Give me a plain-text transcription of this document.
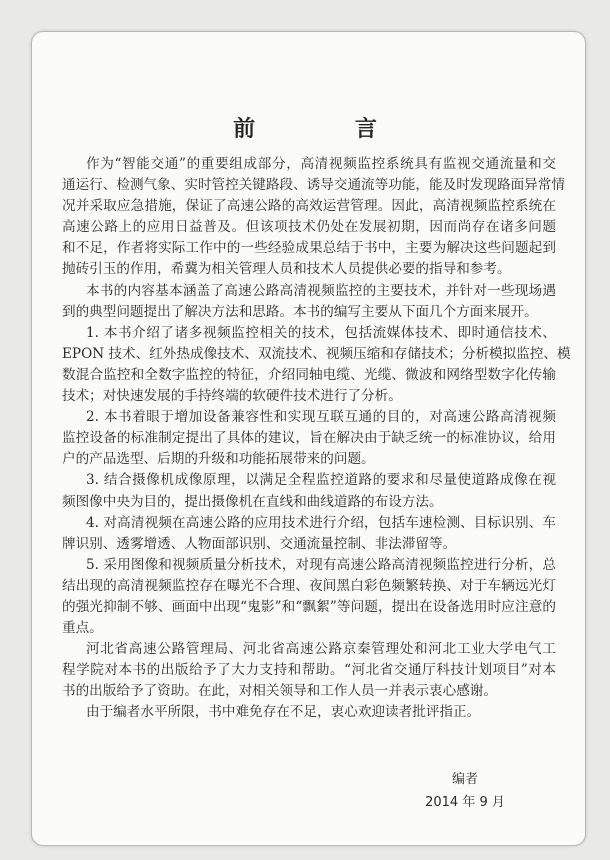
前 言
作为“智能交通”的重要组成部分，高清视频监控系统具有监视交通流量和交
通运行、检测气象、实时管控关键路段、诱导交通流等功能，能及时发现路面异常情
况并采取应急措施，保证了高速公路的高效运营管理。因此，高清视频监控系统在
高速公路上的应用日益普及。但该项技术仍处在发展初期，因而尚存在诸多问题
和不足，作者将实际工作中的一些经验成果总结于书中，主要为解决这些问题起到
抛砖引玉的作用，希冀为相关管理人员和技术人员提供必要的指导和参考。
本书的内容基本涵盖了高速公路高清视频监控的主要技术，并针对一些现场遇
到的典型问题提出了解决方法和思路。本书的编写主要从下面几个方面来展开。
1. 本书介绍了诸多视频监控相关的技术，包括流媒体技术、即时通信技术、
EPON 技术、红外热成像技术、双流技术、视频压缩和存储技术；分析模拟监控、模
数混合监控和全数字监控的特征，介绍同轴电缆、光缆、微波和网络型数字化传输
技术；对快速发展的手持终端的软硬件技术进行了分析。
2. 本书着眼于增加设备兼容性和实现互联互通的目的，对高速公路高清视频
监控设备的标准制定提出了具体的建议，旨在解决由于缺乏统一的标准协议，给用
户的产品选型、后期的升级和功能拓展带来的问题。
3. 结合摄像机成像原理，以满足全程监控道路的要求和尽量使道路成像在视
频图像中央为目的，提出摄像机在直线和曲线道路的布设方法。
4. 对高清视频在高速公路的应用技术进行介绍，包括车速检测、目标识别、车
牌识别、透雾增透、人物面部识别、交通流量控制、非法滞留等。
5. 采用图像和视频质量分析技术，对现有高速公路高清视频监控进行分析，总
结出现的高清视频监控存在曝光不合理、夜间黑白彩色频繁转换、对于车辆远光灯
的强光抑制不够、画面中出现“鬼影”和“飘絮”等问题，提出在设备选用时应注意的
重点。
河北省高速公路管理局、河北省高速公路京秦管理处和河北工业大学电气工
程学院对本书的出版给予了大力支持和帮助。“河北省交通厅科技计划项目”对本
书的出版给予了资助。在此，对相关领导和工作人员一并表示衷心感谢。
由于编者水平所限，书中难免存在不足，衷心欢迎读者批评指正。
编者
2014 年 9 月
